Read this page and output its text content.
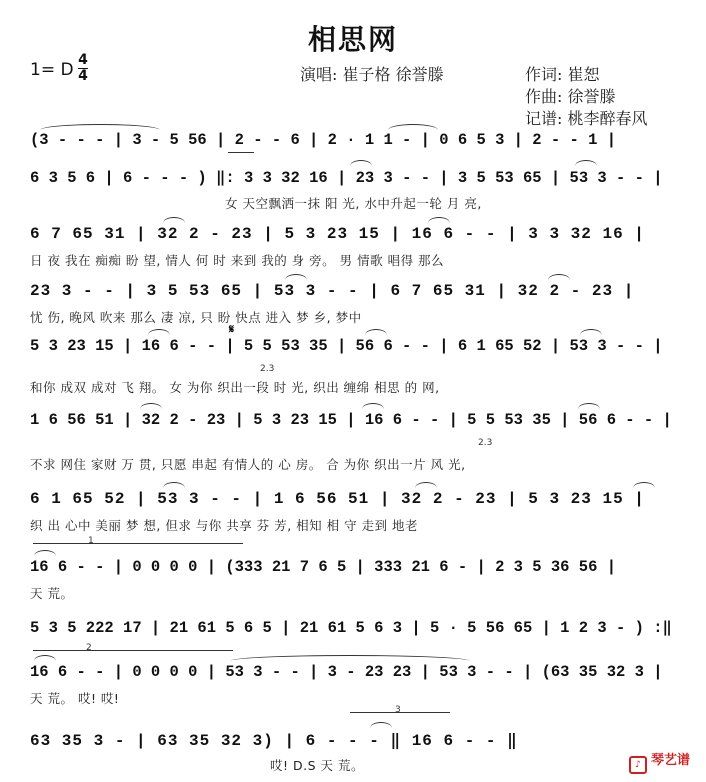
相思网
1= D 4
4	演唱: 崔子格 徐誉滕	作词: 崔恕
作曲: 徐誉滕
记谱: 桃李醉春风
(3 - - - | 3 - 5 56 | 2 - - 6 | 2 · 1 1 - | 0 6 5 3 | 2 - - 1 |
6 3 5 6 | 6 - - - ) ‖: 3 3 32 16 | 23 3 - - | 3 5 53 65 | 53 3 - - |
女 天空飘洒一抹 阳 光, 水中升起一轮 月 亮,
6 7 65 31 | 32 2 - 23 | 5 3 23 15 | 16 6 - - | 3 3 32 16 |
日 夜 我在 痴痴 盼 望, 情人 何 时 来到 我的 身 旁。 男 情歌 唱得 那么
23 3 - - | 3 5 53 65 | 53 3 - - | 6 7 65 31 | 32 2 - 23 |
忧 伤, 晚风 吹来 那么 凄 凉, 只 盼 快点 进入 梦 乡, 梦中
𝄋
2.3
5 3 23 15 | 16 6 - - | 5 5 53 35 | 56 6 - - | 6 1 65 52 | 53 3 - - |
和你 成双 成对 飞 翔。 女 为你 织出一段 时 光, 织出 缠绵 相思 的 网,
2.3
1 6 56 51 | 32 2 - 23 | 5 3 23 15 | 16 6 - - | 5 5 53 35 | 56 6 - - |
不求 网住 家财 万 贯, 只愿 串起 有情人的 心 房。 合 为你 织出一片 风 光,
6 1 65 52 | 53 3 - - | 1 6 56 51 | 32 2 - 23 | 5 3 23 15 |
织 出 心中 美丽 梦 想, 但求 与你 共享 芬 芳, 相知 相 守 走到 地老
1
16 6 - - | 0 0 0 0 | (333 21 7 6 5 | 333 21 6 - | 2 3 5 36 56 |
天 荒。
5 3 5 222 17 | 21 61 5 6 5 | 21 61 5 6 3 | 5 · 5 56 65 | 1 2 3 - ) :‖
2
16 6 - - | 0 0 0 0 | 53 3 - - | 3 - 23 23 | 53 3 - - | (63 35 32 3 |
天 荒。 哎! 哎!
3
63 35 3 - | 63 35 32 3) | 6 - - - ‖ 16 6 - - ‖
哎! D.S 天 荒。	♪ 琴艺谱
